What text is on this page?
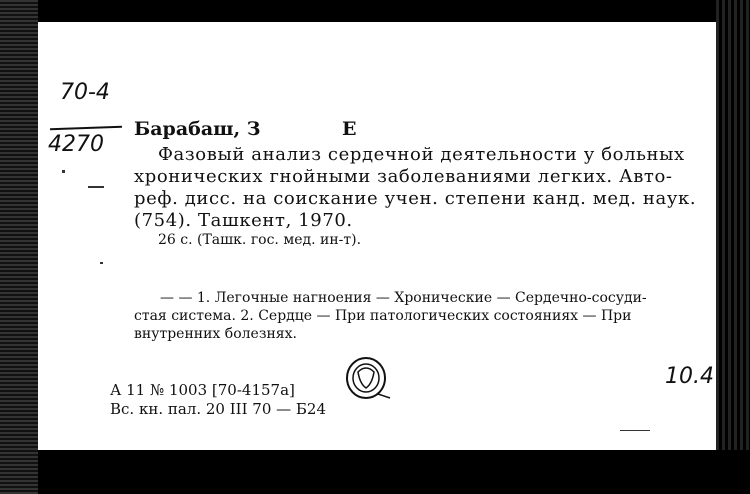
70-4
4270
Барабаш, З	Е
Фазовый анализ сердечной деятельности у больных
хронических гнойными заболеваниями легких. Авто-
реф. дисс. на соискание учен. степени канд. мед. наук.
(754). Ташкент, 1970.
26 с. (Ташк. гос. мед. ин-т).
— — 1. Легочные нагноения — Хронические — Сердечно-сосуди-
стая система. 2. Сердце — При патологических состояниях — При
внутренних болезнях.
А 11 № 1003 [70-4157а]
Вс. кн. пал. 20 III 70 — Б24
10.4
